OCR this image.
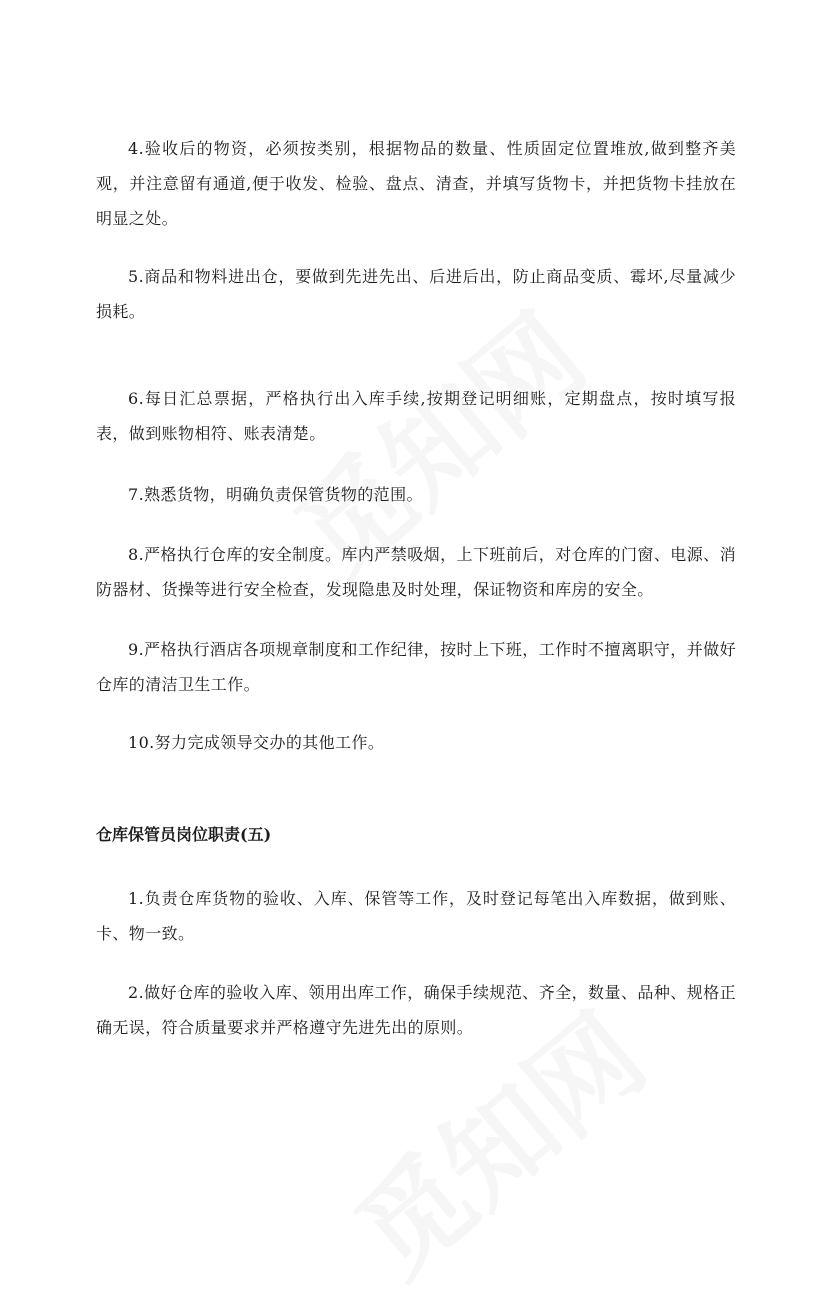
4.验收后的物资，必须按类别，根据物品的数量、性质固定位置堆放,做到整齐美观，并注意留有通道,便于收发、检验、盘点、清查，并填写货物卡，并把货物卡挂放在明显之处。

5.商品和物料进出仓，要做到先进先出、后进后出，防止商品变质、霉坏,尽量减少损耗。

6.每日汇总票据，严格执行出入库手续,按期登记明细账，定期盘点，按时填写报表，做到账物相符、账表清楚。

7.熟悉货物，明确负责保管货物的范围。

8.严格执行仓库的安全制度。库内严禁吸烟，上下班前后，对仓库的门窗、电源、消防器材、货操等进行安全检查，发现隐患及时处理，保证物资和库房的安全。

9.严格执行酒店各项规章制度和工作纪律，按时上下班，工作时不擅离职守，并做好仓库的清洁卫生工作。

10.努力完成领导交办的其他工作。

仓库保管员岗位职责(五)

1.负责仓库货物的验收、入库、保管等工作，及时登记每笔出入库数据，做到账、卡、物一致。

2.做好仓库的验收入库、领用出库工作，确保手续规范、齐全，数量、品种、规格正确无误，符合质量要求并严格遵守先进先出的原则。
